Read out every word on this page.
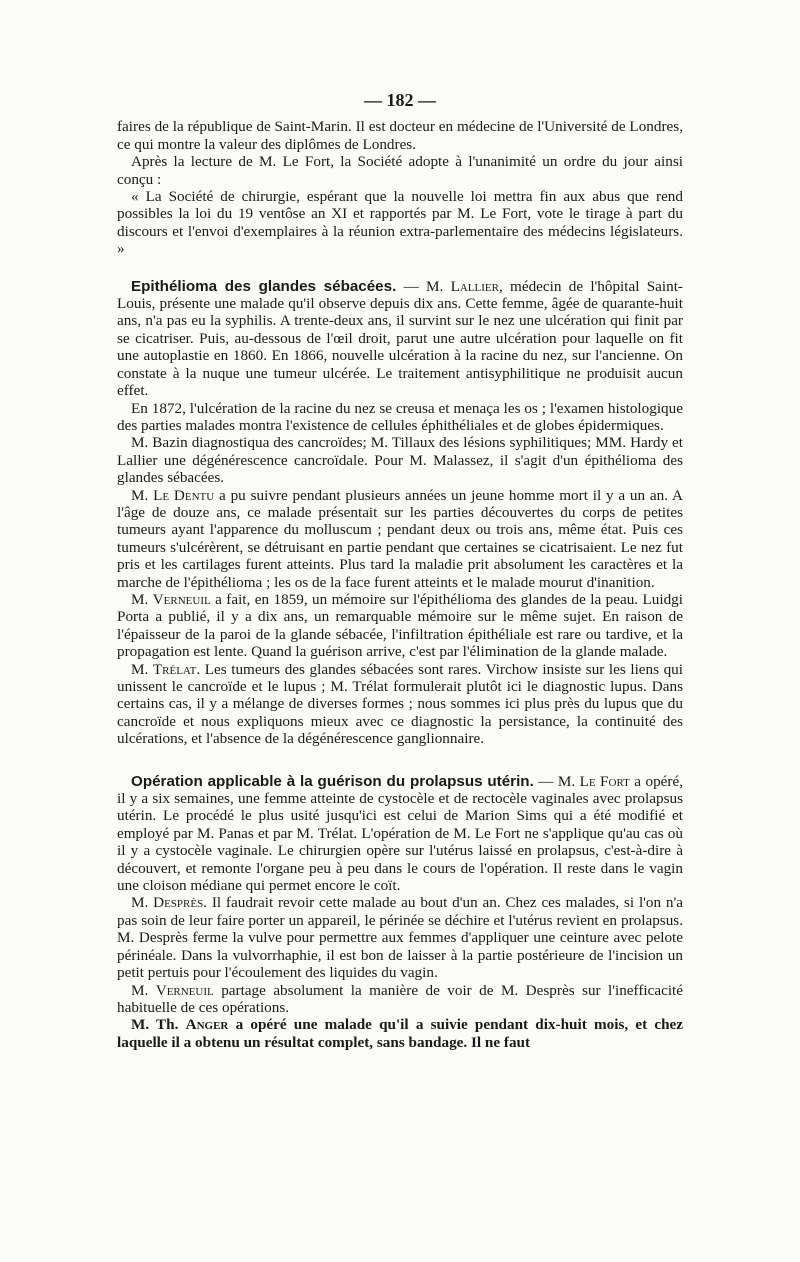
— 182 —

faires de la république de Saint-Marin. Il est docteur en médecine de l'Université de Londres, ce qui montre la valeur des diplômes de Londres.

Après la lecture de M. Le Fort, la Société adopte à l'unanimité un ordre du jour ainsi conçu :

« La Société de chirurgie, espérant que la nouvelle loi mettra fin aux abus que rend possibles la loi du 19 ventôse an XI et rapportés par M. Le Fort, vote le tirage à part du discours et l'envoi d'exemplaires à la réunion extra-parlementaire des médecins législateurs. »

Epithélioma des glandes sébacées. — M. Lallier, médecin de l'hôpital Saint-Louis, présente une malade qu'il observe depuis dix ans. Cette femme, âgée de quarante-huit ans, n'a pas eu la syphilis. A trente-deux ans, il survint sur le nez une ulcération qui finit par se cicatriser. Puis, au-dessous de l'œil droit, parut une autre ulcération pour laquelle on fit une autoplastie en 1860. En 1866, nouvelle ulcération à la racine du nez, sur l'ancienne. On constate à la nuque une tumeur ulcérée. Le traitement antisyphilitique ne produisit aucun effet.

En 1872, l'ulcération de la racine du nez se creusa et menaça les os ; l'examen histologique des parties malades montra l'existence de cellules éphithéliales et de globes épidermiques.

M. Bazin diagnostiqua des cancroïdes; M. Tillaux des lésions syphilitiques; MM. Hardy et Lallier une dégénérescence cancroïdale. Pour M. Malassez, il s'agit d'un épithélioma des glandes sébacées.

M. Le Dentu a pu suivre pendant plusieurs années un jeune homme mort il y a un an. A l'âge de douze ans, ce malade présentait sur les parties découvertes du corps de petites tumeurs ayant l'apparence du molluscum ; pendant deux ou trois ans, même état. Puis ces tumeurs s'ulcérèrent, se détruisant en partie pendant que certaines se cicatrisaient. Le nez fut pris et les cartilages furent atteints. Plus tard la maladie prit absolument les caractères et la marche de l'épithélioma ; les os de la face furent atteints et le malade mourut d'inanition.

M. Verneuil a fait, en 1859, un mémoire sur l'épithélioma des glandes de la peau. Luidgi Porta a publié, il y a dix ans, un remarquable mémoire sur le même sujet. En raison de l'épaisseur de la paroi de la glande sébacée, l'infiltration épithéliale est rare ou tardive, et la propagation est lente. Quand la guérison arrive, c'est par l'élimination de la glande malade.

M. Trélat. Les tumeurs des glandes sébacées sont rares. Virchow insiste sur les liens qui unissent le cancroïde et le lupus ; M. Trélat formulerait plutôt ici le diagnostic lupus. Dans certains cas, il y a mélange de diverses formes ; nous sommes ici plus près du lupus que du cancroïde et nous expliquons mieux avec ce diagnostic la persistance, la continuité des ulcérations, et l'absence de la dégénérescence ganglionnaire.

Opération applicable à la guérison du prolapsus utérin. — M. Le Fort a opéré, il y a six semaines, une femme atteinte de cystocèle et de rectocèle vaginales avec prolapsus utérin. Le procédé le plus usité jusqu'ici est celui de Marion Sims qui a été modifié et employé par M. Panas et par M. Trélat. L'opération de M. Le Fort ne s'applique qu'au cas où il y a cystocèle vaginale. Le chirurgien opère sur l'utérus laissé en prolapsus, c'est-à-dire à découvert, et remonte l'organe peu à peu dans le cours de l'opération. Il reste dans le vagin une cloison médiane qui permet encore le coït.

M. Desprès. Il faudrait revoir cette malade au bout d'un an. Chez ces malades, si l'on n'a pas soin de leur faire porter un appareil, le périnée se déchire et l'utérus revient en prolapsus. M. Desprès ferme la vulve pour permettre aux femmes d'appliquer une ceinture avec pelote périnéale. Dans la vulvorrhaphie, il est bon de laisser à la partie postérieure de l'incision un petit pertuis pour l'écoulement des liquides du vagin.

M. Verneuil partage absolument la manière de voir de M. Desprès sur l'inefficacité habituelle de ces opérations.

M. Th. Anger a opéré une malade qu'il a suivie pendant dix-huit mois, et chez laquelle il a obtenu un résultat complet, sans bandage. Il ne faut
